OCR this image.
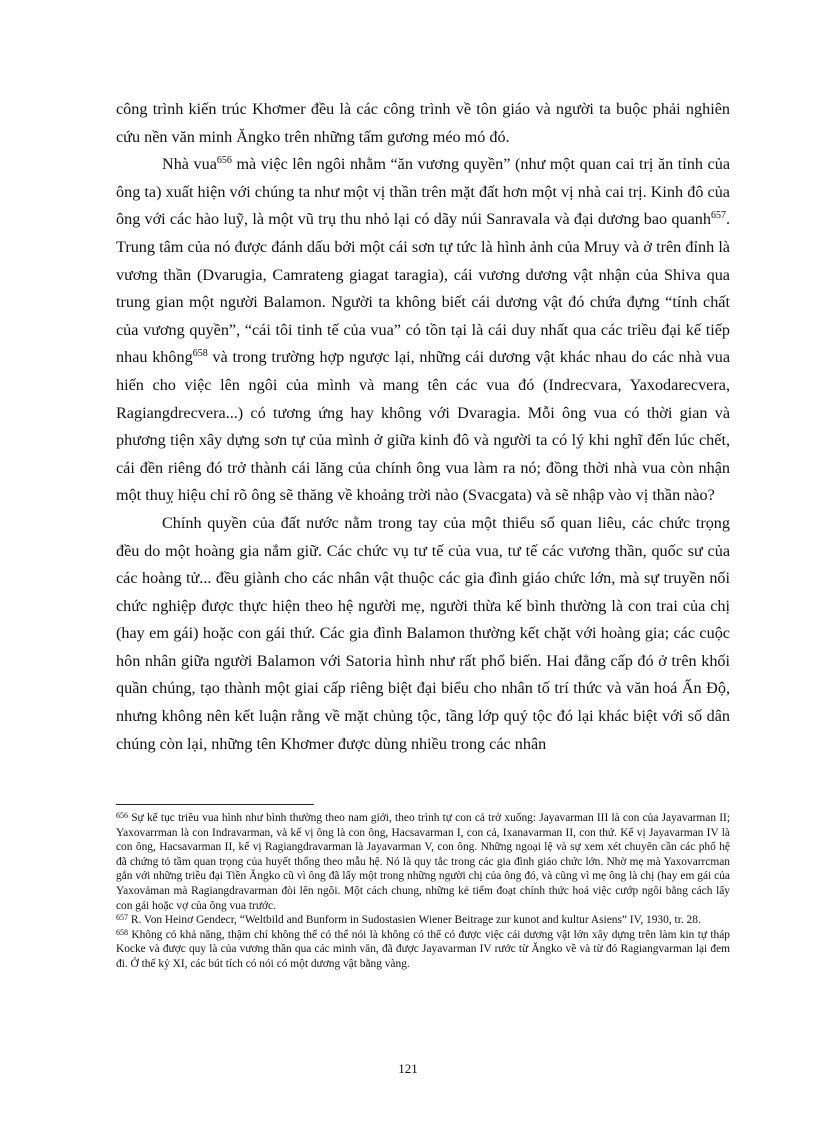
công trình kiến trúc Khơmer đều là các công trình về tôn giáo và người ta buộc phải nghiên cứu nền văn minh Ăngko trên những tấm gương méo mó đó.

Nhà vua$^{656}$ mà việc lên ngôi nhằm “ăn vương quyền” (như một quan cai trị ăn tỉnh của ông ta) xuất hiện với chúng ta như một vị thần trên mặt đất hơn một vị nhà cai trị. Kinh đô của ông với các hào luỹ, là một vũ trụ thu nhỏ lại có dãy núi Sanravala và đại dương bao quanh$^{657}$. Trung tâm của nó được đánh dấu bởi một cái sơn tự tức là hình ảnh của Mruy và ở trên đỉnh là vương thần (Dvarugia, Camrateng giagat taragia), cái vương dương vật nhận của Shiva qua trung gian một người Balamon. Người ta không biết cái dương vật đó chứa đựng “tính chất của vương quyền”, “cái tôi tinh tế của vua” có tồn tại là cái duy nhất qua các triều đại kế tiếp nhau không$^{658}$ và trong trường hợp ngược lại, những cái dương vật khác nhau do các nhà vua hiến cho việc lên ngôi của mình và mang tên các vua đó (Indrecvara, Yaxodarecvera, Ragiangdrecvera...) có tương ứng hay không với Dvaragia. Mỗi ông vua có thời gian và phương tiện xây dựng sơn tự của mình ở giữa kinh đô và người ta có lý khi nghĩ đến lúc chết, cái đền riêng đó trở thành cái lăng của chính ông vua làm ra nó; đồng thời nhà vua còn nhận một thuỵ hiệu chỉ rõ ông sẽ thăng về khoảng trời nào (Svacgata) và sẽ nhập vào vị thần nào?

Chính quyền của đất nước nằm trong tay của một thiểu số quan liêu, các chức trọng đều do một hoàng gia nắm giữ. Các chức vụ tư tế của vua, tư tế các vương thần, quốc sư của các hoàng tử... đều giành cho các nhân vật thuộc các gia đình giáo chức lớn, mà sự truyền nối chức nghiệp được thực hiện theo hệ người mẹ, người thừa kế bình thường là con trai của chị (hay em gái) hoặc con gái thứ. Các gia đình Balamon thường kết chặt với hoàng gia; các cuộc hôn nhân giữa người Balamon với Satoria hình như rất phổ biến. Hai đẳng cấp đó ở trên khối quần chúng, tạo thành một giai cấp riêng biệt đại biểu cho nhân tố trí thức và văn hoá Ấn Độ, nhưng không nên kết luận rằng về mặt chủng tộc, tầng lớp quý tộc đó lại khác biệt với số dân chúng còn lại, những tên Khơmer được dùng nhiều trong các nhân

$^{656}$ Sự kế tục triều vua hình như bình thường theo nam giới, theo trình tự con cả trở xuống: Jayavarman III là con của Jayavarman II; Yaxovarrman là con Indravarman, và kế vị ông là con ông, Hacsavarman I, con cả, Ixanavarman II, con thứ. Kế vị Jayavarman IV là con ông, Hacsavarman II, kế vị Ragiangdravarman là Jayavarman V, con ông. Những ngoại lệ và sự xem xét chuyên cần các phổ hệ đã chứng tỏ tầm quan trọng của huyết thống theo mẫu hệ. Nó là quy tắc trong các gia đình giáo chức lớn. Nhờ mẹ mà Yaxovarrcman gắn với những triều đại Tiền Ăngko cũ vì ông đã lấy một trong những người chị của ông đó, và cũng vì mẹ ông là chị (hay em gái của Yaxovảman mà Ragiangdravarman đòi lên ngôi. Một cách chung, những kẻ tiếm đoạt chính thức hoá việc cướp ngôi bằng cách lấy con gái hoặc vợ của ông vua trước.

$^{657}$ R. Von Heinơ Gendecr, “Weltbild and Bunform in Sudostasien Wiener Beitrage zur kunot and kultur Asiens” IV, 1930, tr. 28.

$^{658}$ Không có khả năng, thậm chí không thể có thể nói là không có thể có được việc cái dương vật lớn xây dựng trên làm kin tự tháp Kocke và được quy là của vương thần qua các minh văn, đã được Jayavarman IV rước từ Ăngko về và từ đó Ragiangvarman lại đem đi. Ở thế kỷ XI, các bút tích có nói có một dương vật bằng vàng.

121
